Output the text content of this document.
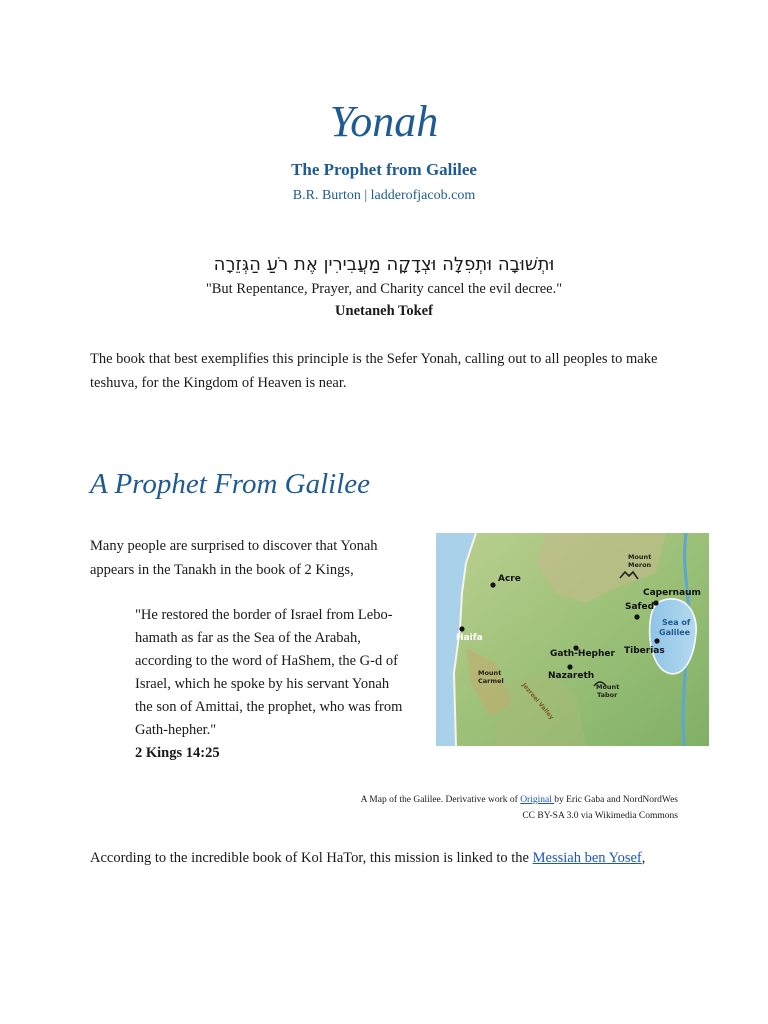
Yonah
The Prophet from Galilee
B.R. Burton | ladderofjacob.com
וּתְשׁוּבָה וּתְפִלָּה וּצְדָקָה מַעֲבִירִין אֶת רֹעַ הַגְּזֵרָה
"But Repentance, Prayer, and Charity cancel the evil decree."
Unetaneh Tokef
The book that best exemplifies this principle is the Sefer Yonah, calling out to all peoples to make teshuva, for the Kingdom of Heaven is near.
A Prophet From Galilee
Many people are surprised to discover that Yonah appears in the Tanakh in the book of 2 Kings,
"He restored the border of Israel from Lebo-hamath as far as the Sea of the Arabah, according to the word of HaShem, the G-d of Israel, which he spoke by his servant Yonah the son of Amittai, the prophet, who was from Gath-hepher."
2 Kings 14:25
Acre
Haifa
Mount
Carmel
Mount
Meron
Capernaum
Safed
Sea of
Galilee
Tiberias
Gath-Hepher
Nazareth
Mount
Tabor
Jezreel Valley
A Map of the Galilee. Derivative work of Original by Eric Gaba and NordNordWes
CC BY-SA 3.0 via Wikimedia Commons
According to the incredible book of Kol HaTor, this mission is linked to the Messiah ben Yosef,
